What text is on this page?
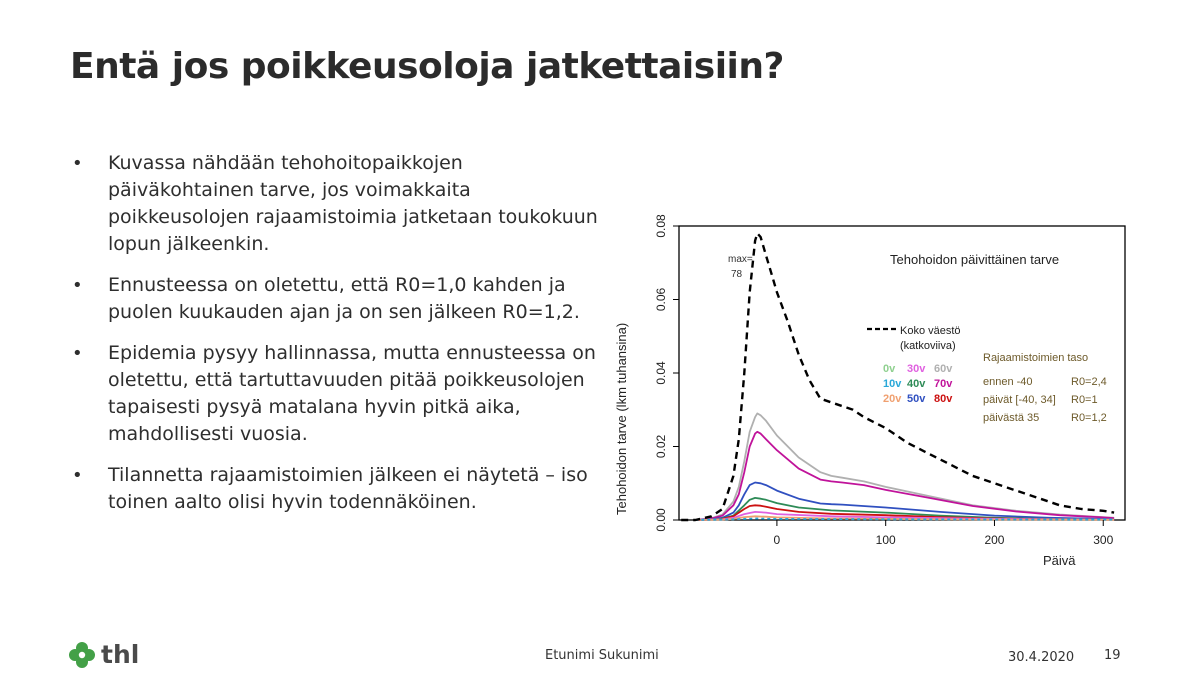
Entä jos poikkeusoloja jatkettaisiin?
• Kuvassa nähdään tehohoitopaikkojen päiväkohtainen tarve, jos voimakkaita poikkeusolojen rajaamistoimia jatketaan toukokuun lopun jälkeenkin.
• Ennusteessa on oletettu, että R0=1,0 kahden ja puolen kuukauden ajan ja on sen jälkeen R0=1,2.
• Epidemia pysyy hallinnassa, mutta ennusteessa on oletettu, että tartuttavuuden pitää poikkeusolojen tapaisesti pysyä matalana hyvin pitkä aika, mahdollisesti vuosia.
• Tilannetta rajaamistoimien jälkeen ei näytetä – iso toinen aalto olisi hyvin todennäköinen.
0	100	200	300
0.00
0.02
0.04
0.06
0.08
Tehohoidon päivittäinen tarve
max=
78
Koko väestö
(katkoviiva)
0v 30v 60v
10v 40v 70v
20v 50v 80v
Rajaamistoimien taso
ennen -40	R0=2,4
päivät [-40, 34] R0=1
päivästä 35	R0=1,2
Päivä
Tehohoidon tarve (lkm tuhansina)
thl	Etunimi Sukunimi	30.4.2020 19
